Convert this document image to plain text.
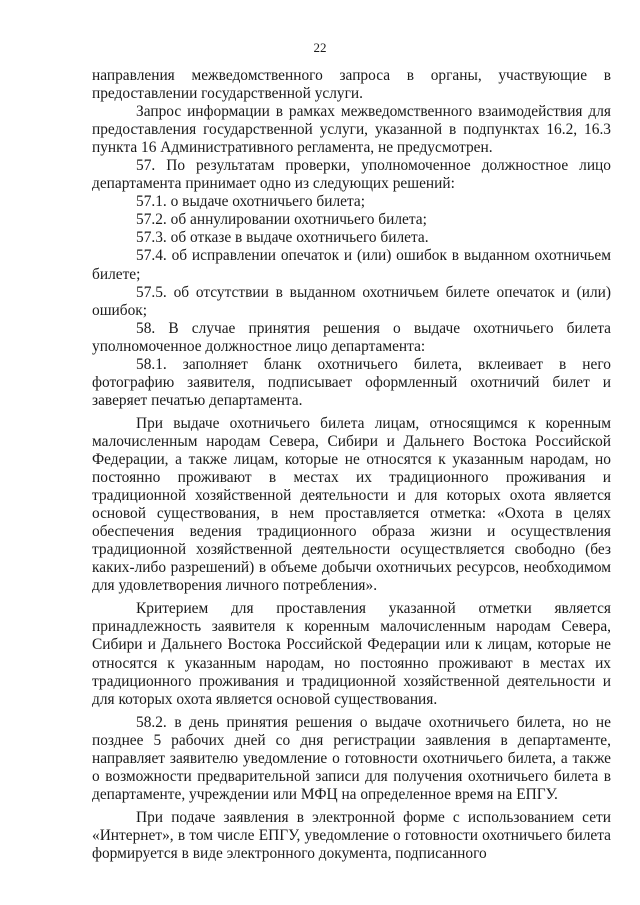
22

направления межведомственного запроса в органы, участвующие в предоставлении государственной услуги.

Запрос информации в рамках межведомственного взаимодействия для предоставления государственной услуги, указанной в подпунктах 16.2, 16.3 пункта 16 Административного регламента, не предусмотрен.

57. По результатам проверки, уполномоченное должностное лицо департамента принимает одно из следующих решений:

57.1. о выдаче охотничьего билета;

57.2. об аннулировании охотничьего билета;

57.3. об отказе в выдаче охотничьего билета.

57.4. об исправлении опечаток и (или) ошибок в выданном охотничьем билете;

57.5. об отсутствии в выданном охотничьем билете опечаток и (или) ошибок;

58. В случае принятия решения о выдаче охотничьего билета уполномоченное должностное лицо департамента:

58.1. заполняет бланк охотничьего билета, вклеивает в него фотографию заявителя, подписывает оформленный охотничий билет и заверяет печатью департамента.

При выдаче охотничьего билета лицам, относящимся к коренным малочисленным народам Севера, Сибири и Дальнего Востока Российской Федерации, а также лицам, которые не относятся к указанным народам, но постоянно проживают в местах их традиционного проживания и традиционной хозяйственной деятельности и для которых охота является основой существования, в нем проставляется отметка: «Охота в целях обеспечения ведения традиционного образа жизни и осуществления традиционной хозяйственной деятельности осуществляется свободно (без каких-либо разрешений) в объеме добычи охотничьих ресурсов, необходимом для удовлетворения личного потребления».

Критерием для проставления указанной отметки является принадлежность заявителя к коренным малочисленным народам Севера, Сибири и Дальнего Востока Российской Федерации или к лицам, которые не относятся к указанным народам, но постоянно проживают в местах их традиционного проживания и традиционной хозяйственной деятельности и для которых охота является основой существования.

58.2. в день принятия решения о выдаче охотничьего билета, но не позднее 5 рабочих дней со дня регистрации заявления в департаменте, направляет заявителю уведомление о готовности охотничьего билета, а также о возможности предварительной записи для получения охотничьего билета в департаменте, учреждении или МФЦ на определенное время на ЕПГУ.

При подаче заявления в электронной форме с использованием сети «Интернет», в том числе ЕПГУ, уведомление о готовности охотничьего билета формируется в виде электронного документа, подписанного
